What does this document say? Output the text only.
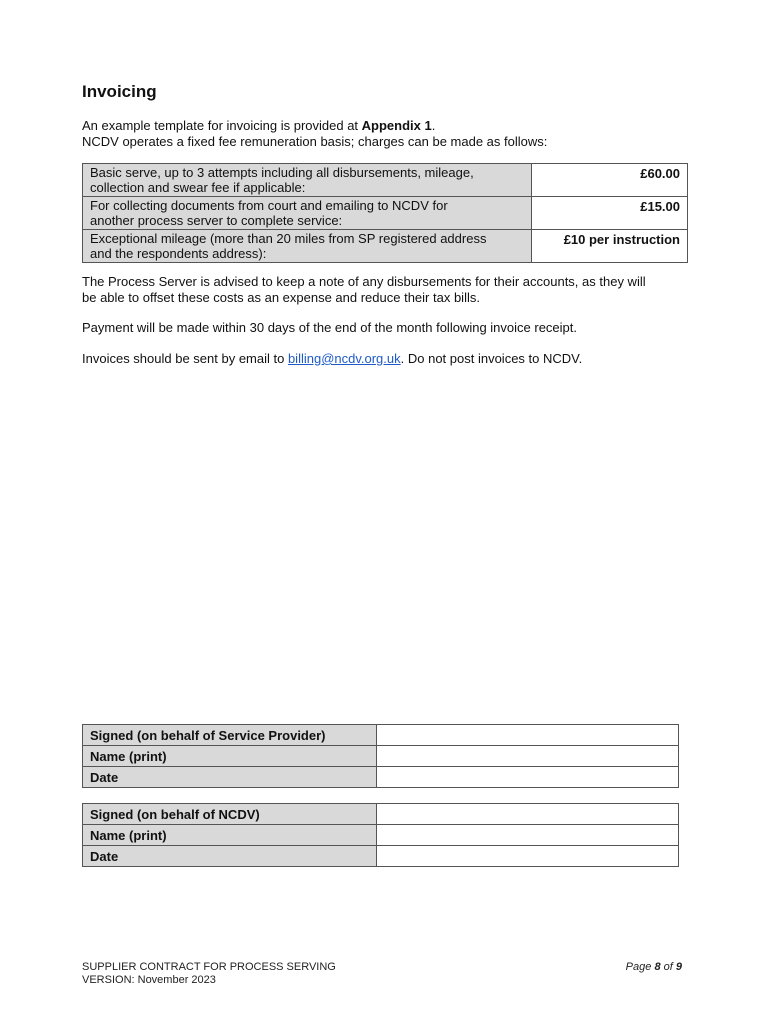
Invoicing
An example template for invoicing is provided at Appendix 1.
NCDV operates a fixed fee remuneration basis; charges can be made as follows:
Basic serve, up to 3 attempts including all disbursements, mileage,
collection and swear fee if applicable:	£60.00

For collecting documents from court and emailing to NCDV for
another process server to complete service:	£15.00

Exceptional mileage (more than 20 miles from SP registered address
and the respondents address):	£10 per instruction
The Process Server is advised to keep a note of any disbursements for their accounts, as they will
be able to offset these costs as an expense and reduce their tax bills.
Payment will be made within 30 days of the end of the month following invoice receipt.
Invoices should be sent by email to billing@ncdv.org.uk. Do not post invoices to NCDV.
Signed (on behalf of Service Provider)	
Name (print)	
Date	
Signed (on behalf of NCDV)	
Name (print)	
Date	
SUPPLIER CONTRACT FOR PROCESS SERVING
VERSION: November 2023
Page 8 of 9
